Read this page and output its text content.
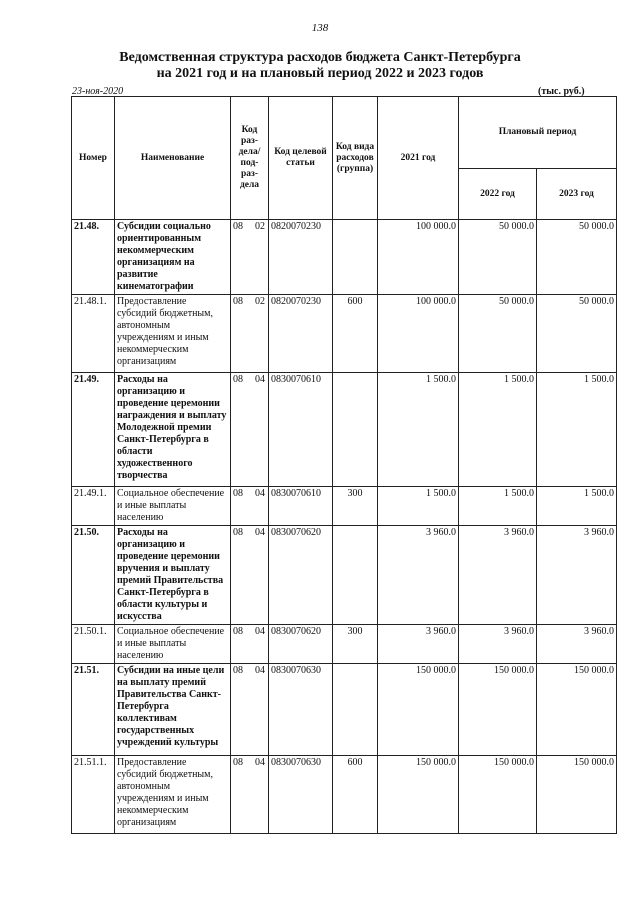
138
Ведомственная структура расходов бюджета Санкт-Петербурга
на 2021 год и на плановый период 2022 и 2023 годов
23-ноя-2020	(тыс. руб.)
Номер	Наименование	Код раз- дела/ под- раз- дела	Код целевой статьи	Код вида расходов (группа)	2021 год	Плановый период	
						2022 год	2023 год
21.48.	Субсидии социально ориентированным некоммерческим организациям на развитие кинематографии	08 02	0820070230		100 000.0	50 000.0	50 000.0
21.48.1.	Предоставление субсидий бюджетным, автономным учреждениям и иным некоммерческим организациям	08 02	0820070230	600	100 000.0	50 000.0	50 000.0
21.49.	Расходы на организацию и проведение церемонии награждения и выплату Молодежной премии Санкт-Петербурга в области художественного творчества	08 04	0830070610		1 500.0	1 500.0	1 500.0
21.49.1.	Социальное обеспечение и иные выплаты населению	08 04	0830070610	300	1 500.0	1 500.0	1 500.0
21.50.	Расходы на организацию и проведение церемонии вручения и выплату премий Правительства Санкт-Петербурга в области культуры и искусства	08 04	0830070620		3 960.0	3 960.0	3 960.0
21.50.1.	Социальное обеспечение и иные выплаты населению	08 04	0830070620	300	3 960.0	3 960.0	3 960.0
21.51.	Субсидии на иные цели на выплату премий Правительства Санкт-Петербурга коллективам государственных учреждений культуры	08 04	0830070630		150 000.0	150 000.0	150 000.0
21.51.1.	Предоставление субсидий бюджетным, автономным учреждениям и иным некоммерческим организациям	08 04	0830070630	600	150 000.0	150 000.0	150 000.0
